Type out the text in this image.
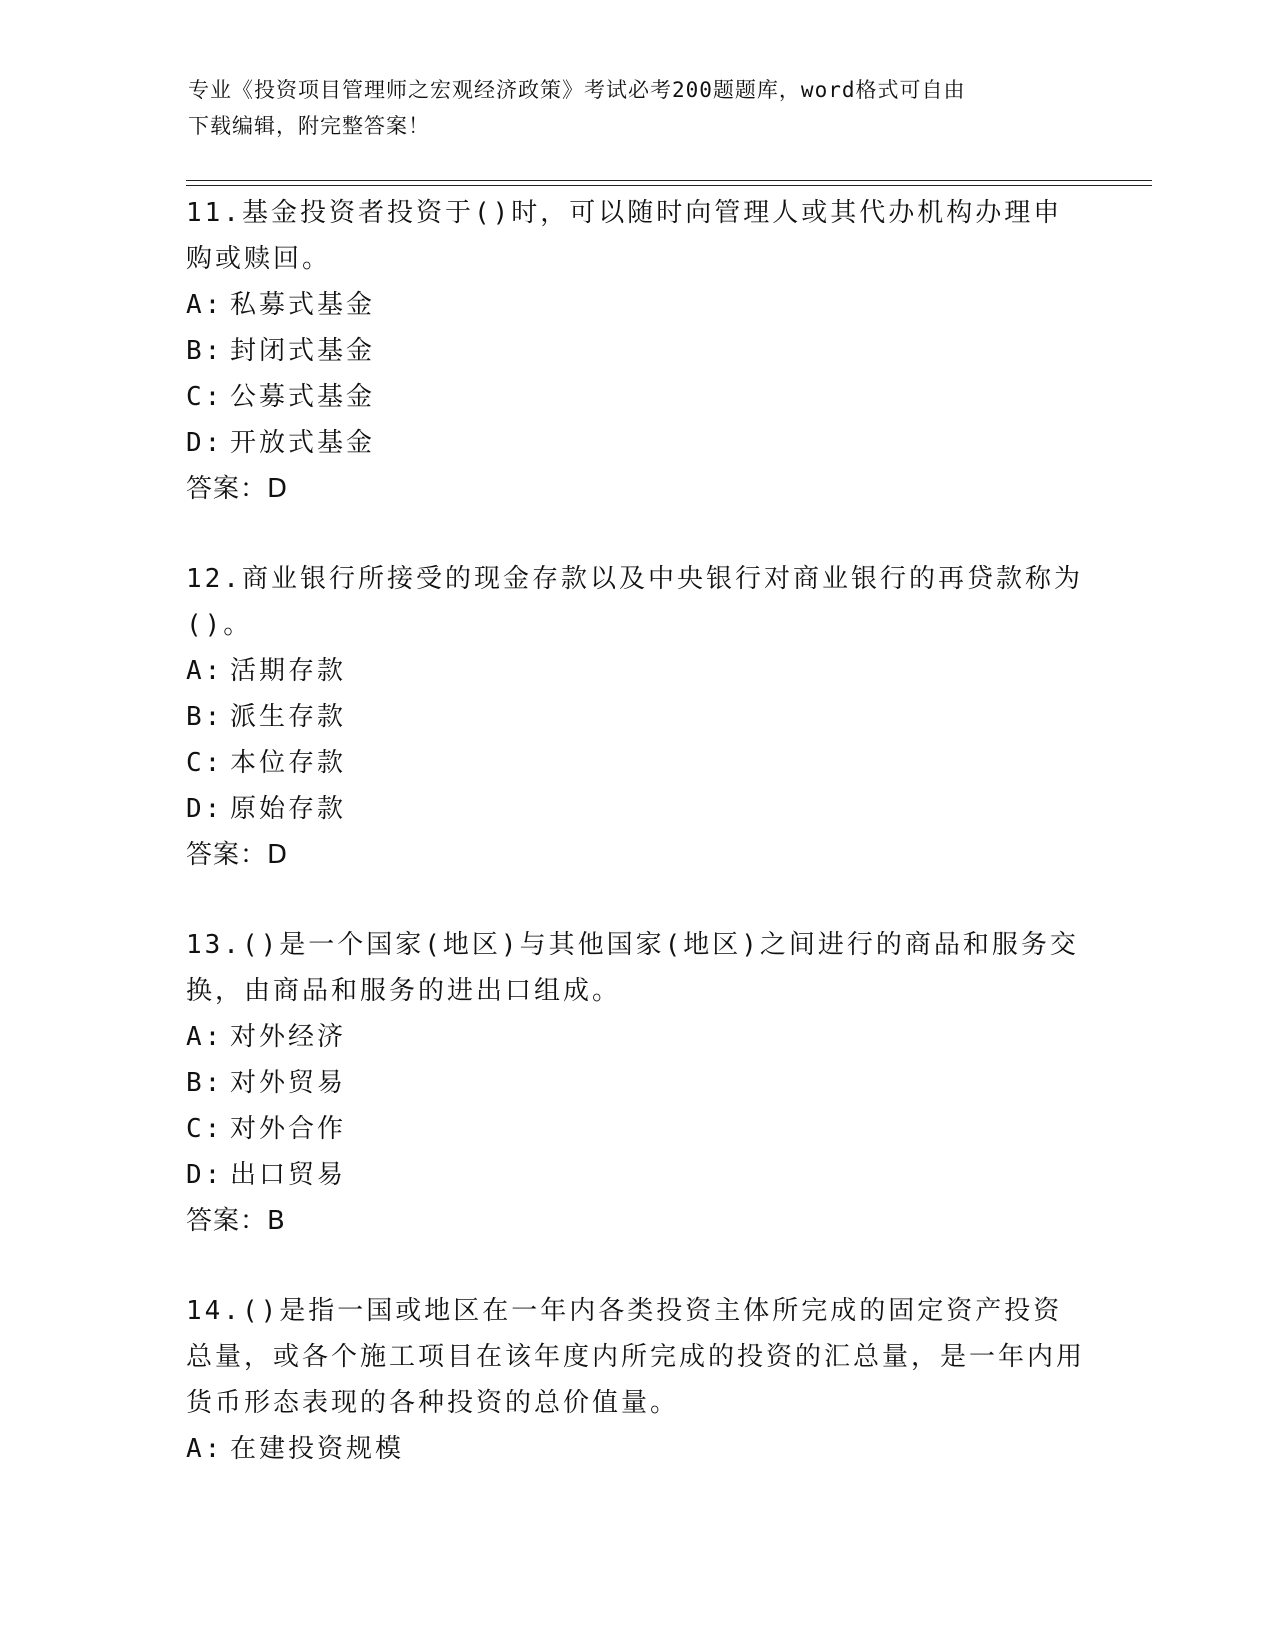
专业《投资项目管理师之宏观经济政策》考试必考200题题库，word格式可自由
下载编辑，附完整答案！

11.基金投资者投资于()时，可以随时向管理人或其代办机构办理申购或赎回。

A: 私募式基金
B: 封闭式基金
C: 公募式基金
D: 开放式基金
答案：D

12.商业银行所接受的现金存款以及中央银行对商业银行的再贷款称为()。

A: 活期存款
B: 派生存款
C: 本位存款
D: 原始存款
答案：D

13.()是一个国家(地区)与其他国家(地区)之间进行的商品和服务交换，由商品和服务的进出口组成。

A: 对外经济
B: 对外贸易
C: 对外合作
D: 出口贸易
答案：B

14.()是指一国或地区在一年内各类投资主体所完成的固定资产投资总量，或各个施工项目在该年度内所完成的投资的汇总量，是一年内用货币形态表现的各种投资的总价值量。

A: 在建投资规模
